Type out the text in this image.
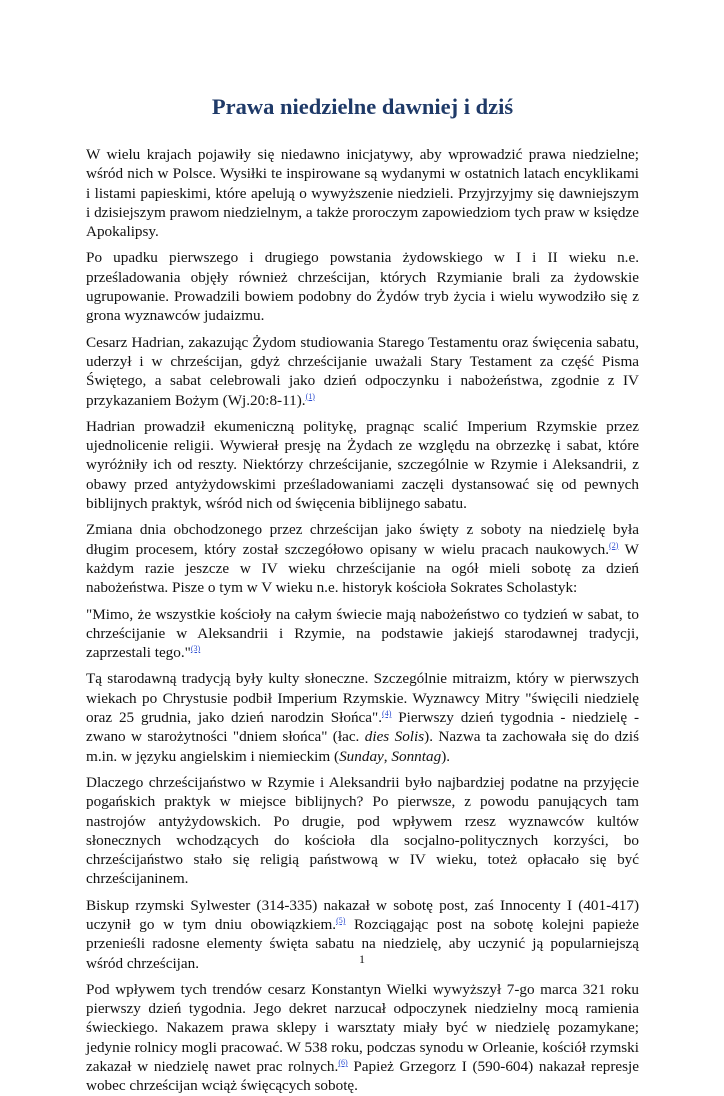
Prawa niedzielne dawniej i dziś

W wielu krajach pojawiły się niedawno inicjatywy, aby wprowadzić prawa niedzielne; wśród nich w Polsce. Wysiłki te inspirowane są wydanymi w ostatnich latach encyklikami i listami papieskimi, które apelują o wywyższenie niedzieli. Przyjrzyjmy się dawniejszym i dzisiejszym prawom niedzielnym, a także proroczym zapowiedziom tych praw w księdze Apokalipsy.

Po upadku pierwszego i drugiego powstania żydowskiego w I i II wieku n.e. prześladowania objęły również chrześcijan, których Rzymianie brali za żydowskie ugrupowanie. Prowadzili bowiem podobny do Żydów tryb życia i wielu wywodziło się z grona wyznawców judaizmu.

Cesarz Hadrian, zakazując Żydom studiowania Starego Testamentu oraz święcenia sabatu, uderzył i w chrześcijan, gdyż chrześcijanie uważali Stary Testament za część Pisma Świętego, a sabat celebrowali jako dzień odpoczynku i nabożeństwa, zgodnie z IV przykazaniem Bożym (Wj.20:8-11).$^{(1)}$

Hadrian prowadził ekumeniczną politykę, pragnąc scalić Imperium Rzymskie przez ujednolicenie religii. Wywierał presję na Żydach ze względu na obrzezkę i sabat, które wyróżniły ich od reszty. Niektórzy chrześcijanie, szczególnie w Rzymie i Aleksandrii, z obawy przed antyżydowskimi prześladowaniami zaczęli dystansować się od pewnych biblijnych praktyk, wśród nich od święcenia biblijnego sabatu.

Zmiana dnia obchodzonego przez chrześcijan jako święty z soboty na niedzielę była długim procesem, który został szczegółowo opisany w wielu pracach naukowych.$^{(2)}$ W każdym razie jeszcze w IV wieku chrześcijanie na ogół mieli sobotę za dzień nabożeństwa. Pisze o tym w V wieku n.e. historyk kościoła Sokrates Scholastyk:

"Mimo, że wszystkie kościoły na całym świecie mają nabożeństwo co tydzień w sabat, to chrześcijanie w Aleksandrii i Rzymie, na podstawie jakiejś starodawnej tradycji, zaprzestali tego."$^{(3)}$

Tą starodawną tradycją były kulty słoneczne. Szczególnie mitraizm, który w pierwszych wiekach po Chrystusie podbił Imperium Rzymskie. Wyznawcy Mitry "święcili niedzielę oraz 25 grudnia, jako dzień narodzin Słońca".$^{(4)}$ Pierwszy dzień tygodnia - niedzielę - zwano w starożytności "dniem słońca" (łac. dies Solis). Nazwa ta zachowała się do dziś m.in. w języku angielskim i niemieckim (Sunday, Sonntag).

Dlaczego chrześcijaństwo w Rzymie i Aleksandrii było najbardziej podatne na przyjęcie pogańskich praktyk w miejsce biblijnych? Po pierwsze, z powodu panujących tam nastrojów antyżydowskich. Po drugie, pod wpływem rzesz wyznawców kultów słonecznych wchodzących do kościoła dla socjalno-politycznych korzyści, bo chrześcijaństwo stało się religią państwową w IV wieku, toteż opłacało się być chrześcijaninem.

Biskup rzymski Sylwester (314-335) nakazał w sobotę post, zaś Innocenty I (401-417) uczynił go w tym dniu obowiązkiem.$^{(5)}$ Rozciągając post na sobotę kolejni papieże przenieśli radosne elementy święta sabatu na niedzielę, aby uczynić ją popularniejszą wśród chrześcijan.

Pod wpływem tych trendów cesarz Konstantyn Wielki wywyższył 7-go marca 321 roku pierwszy dzień tygodnia. Jego dekret narzucał odpoczynek niedzielny mocą ramienia świeckiego. Nakazem prawa sklepy i warsztaty miały być w niedzielę pozamykane; jedynie rolnicy mogli pracować. W 538 roku, podczas synodu w Orleanie, kościół rzymski zakazał w niedzielę nawet prac rolnych.$^{(6)}$ Papież Grzegorz I (590-604) nakazał represje wobec chrześcijan wciąż święcących sobotę.

1
